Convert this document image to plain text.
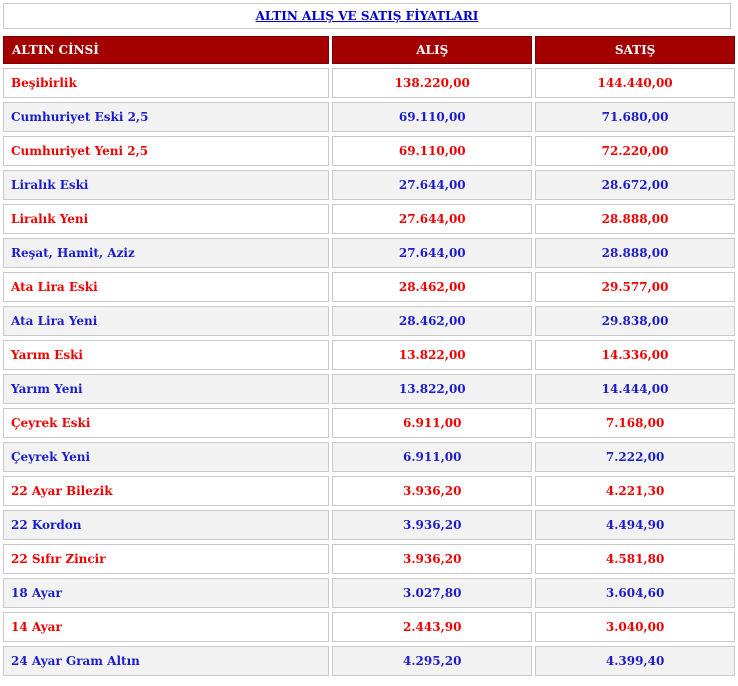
ALTIN ALIŞ VE SATIŞ FİYATLARI
ALTIN CİNSİ	ALIŞ	SATIŞ
Beşibirlik	138.220,00	144.440,00
Cumhuriyet Eski 2,5	69.110,00	71.680,00
Cumhuriyet Yeni 2,5	69.110,00	72.220,00
Liralık Eski	27.644,00	28.672,00
Liralık Yeni	27.644,00	28.888,00
Reşat, Hamit, Aziz	27.644,00	28.888,00
Ata Lira Eski	28.462,00	29.577,00
Ata Lira Yeni	28.462,00	29.838,00
Yarım Eski	13.822,00	14.336,00
Yarım Yeni	13.822,00	14.444,00
Çeyrek Eski	6.911,00	7.168,00
Çeyrek Yeni	6.911,00	7.222,00
22 Ayar Bilezik	3.936,20	4.221,30
22 Kordon	3.936,20	4.494,90
22 Sıfır Zincir	3.936,20	4.581,80
18 Ayar	3.027,80	3.604,60
14 Ayar	2.443,90	3.040,00
24 Ayar Gram Altın	4.295,20	4.399,40
